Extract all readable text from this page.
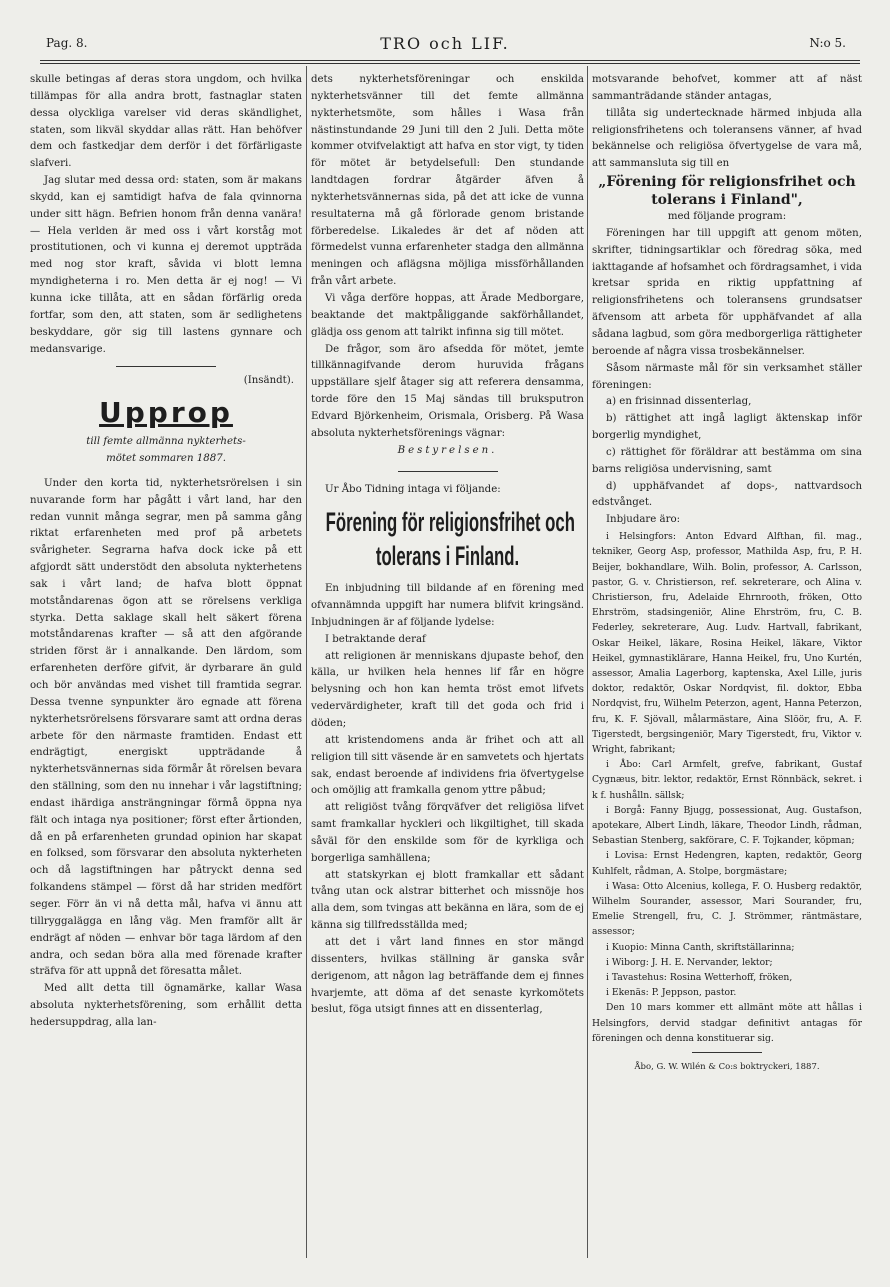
Pag. 8.	TRO och LIF.	N:o 5.

skulle betingas af deras stora ungdom, och hvilka tillämpas för alla andra brott, fastnaglar staten dessa olyckliga varelser vid deras skändlighet, staten, som likväl skyddar allas rätt. Han behöfver dem och fastkedjar dem derför i det förfärligaste slafveri.

Jag slutar med dessa ord: staten, som är makans skydd, kan ej samtidigt hafva de fala qvinnorna under sitt hägn. Befrien honom från denna vanära! — Hela verlden är med oss i vårt korståg mot prostitutionen, och vi kunna ej deremot uppträda med nog stor kraft, såvida vi blott lemna myndigheterna i ro. Men detta är ej nog! — Vi kunna icke tillåta, att en sådan förfärlig oreda fortfar, som den, att staten, som är sedlighetens beskyddare, gör sig till lastens gynnare och medansvarige.

(Insändt).

Upprop

till femte allmänna nykterhets-

mötet sommaren 1887.

Under den korta tid, nykterhetsrörelsen i sin nuvarande form har pågått i vårt land, har den redan vunnit många segrar, men på samma gång riktat erfarenheten med prof på arbetets svårigheter. Segrarna hafva dock icke på ett afgjordt sätt understödt den absoluta nykterhetens sak i vårt land; de hafva blott öppnat motståndarenas ögon att se rörelsens verkliga styrka. Detta saklage skall helt säkert förena motståndarenas krafter — så att den afgörande striden först är i annalkande. Den lärdom, som erfarenheten derföre gifvit, är dyrbarare än guld och bör användas med vishet till framtida segrar. Dessa tvenne synpunkter äro egnade att förena nykterhetsrörelsens försvarare samt att ordna deras arbete för den närmaste framtiden. Endast ett endrägtigt, energiskt uppträdande å nykterhetsvännernas sida förmår åt rörelsen bevara den ställning, som den nu innehar i vår lagstiftning; endast ihärdiga ansträngningar förmå öppna nya fält och intaga nya positioner; först efter årtionden, då en på erfarenheten grundad opinion har skapat en folksed, som försvarar den absoluta nykterheten och då lagstiftningen har påtryckt denna sed folkandens stämpel — först då har striden medfört seger. Förr än vi nå detta mål, hafva vi ännu att tillryggalägga en lång väg. Men framför allt är endrägt af nöden — enhvar bör taga lärdom af den andra, och sedan böra alla med förenade krafter sträfva för att uppnå det föresatta målet.

Med allt detta till ögnamärke, kallar Wasa absoluta nykterhetsförening, som erhållit detta hedersuppdrag, alla lan-

dets nykterhetsföreningar och enskilda nykterhetsvänner till det femte allmänna nykterhetsmöte, som hålles i Wasa från nästinstundande 29 Juni till den 2 Juli. Detta möte kommer otvifvelaktigt att hafva en stor vigt, ty tiden för mötet är betydelsefull: Den stundande landtdagen fordrar åtgärder äfven å nykterhetsvännernas sida, på det att icke de vunna resultaterna må gå förlorade genom bristande förberedelse. Likaledes är det af nöden att förmedelst vunna erfarenheter stadga den allmänna meningen och aflägsna möjliga missförhållanden från vårt arbete.

Vi våga derföre hoppas, att Ärade Medborgare, beaktande det maktpåliggande sakförhållandet, glädja oss genom att talrikt infinna sig till mötet.

De frågor, som äro afsedda för mötet, jemte tillkännagifvande derom huruvida frågans uppställare sjelf åtager sig att referera densamma, torde före den 15 Maj sändas till bruksputron Edvard Björkenheim, Orismala, Orisberg. På Wasa absoluta nykterhetsförenings vägnar:

Bestyrelsen.

Ur Åbo Tidning intaga vi följande:

Förening för religionsfrihet och
tolerans i Finland.

En inbjudning till bildande af en förening med ofvannämnda uppgift har numera blifvit kringsänd. Inbjudningen är af följande lydelse:

I betraktande deraf

att religionen är menniskans djupaste behof, den källa, ur hvilken hela hennes lif får en högre belysning och hon kan hemta tröst emot lifvets vedervärdigheter, kraft till det goda och frid i döden;

att kristendomens anda är frihet och att all religion till sitt väsende är en samvetets och hjertats sak, endast beroende af individens fria öfvertygelse och omöjlig att framkalla genom yttre påbud;

att religiöst tvång förqväfver det religiösa lifvet samt framkallar hyckleri och likgiltighet, till skada såväl för den enskilde som för de kyrkliga och borgerliga samhällena;

att statskyrkan ej blott framkallar ett sådant tvång utan ock alstrar bitterhet och missnöje hos alla dem, som tvingas att bekänna en lära, som de ej känna sig tillfredsställda med;

att det i vårt land finnes en stor mängd dissenters, hvilkas ställning är ganska svår derigenom, att någon lag beträffande dem ej finnes hvarjemte, att döma af det senaste kyrkomötets beslut, föga utsigt finnes att en dissenterlag,

motsvarande behofvet, kommer att af näst sammanträdande ständer antagas,

tillåta sig undertecknade härmed inbjuda alla religionsfrihetens och toleransens vänner, af hvad bekännelse och religiösa öfvertygelse de vara må, att sammansluta sig till en

„Förening för religionsfrihet och
tolerans i Finland",

med följande program:

Föreningen har till uppgift att genom möten, skrifter, tidningsartiklar och föredrag söka, med iakttagande af hofsamhet och fördragsamhet, i vida kretsar sprida en riktig uppfattning af religionsfrihetens och toleransens grundsatser äfvensom att arbeta för upphäfvandet af alla sådana lagbud, som göra medborgerliga rättigheter beroende af några vissa trosbekännelser.

Såsom närmaste mål för sin verksamhet ställer föreningen:

a) en frisinnad dissenterlag,

b) rättighet att ingå lagligt äktenskap inför borgerlig myndighet,

c) rättighet för föräldrar att bestämma om sina barns religiösa undervisning, samt

d) upphäfvandet af dops-, nattvardsoch edstvånget.

Inbjudare äro:

i Helsingfors: Anton Edvard Alfthan, fil. mag., tekniker, Georg Asp, professor, Mathilda Asp, fru, P. H. Beijer, bokhandlare, Wilh. Bolin, professor, A. Carlsson, pastor, G. v. Christierson, ref. sekreterare, och Alina v. Christierson, fru, Adelaide Ehrnrooth, fröken, Otto Ehrström, stadsingeniör, Aline Ehrström, fru, C. B. Federley, sekreterare, Aug. Ludv. Hartvall, fabrikant, Oskar Heikel, läkare, Rosina Heikel, läkare, Viktor Heikel, gymnastiklärare, Hanna Heikel, fru, Uno Kurtén, assessor, Amalia Lagerborg, kaptenska, Axel Lille, juris doktor, redaktör, Oskar Nordqvist, fil. doktor, Ebba Nordqvist, fru, Wilhelm Peterzon, agent, Hanna Peterzon, fru, K. F. Sjövall, målarmästare, Aina Slöör, fru, A. F. Tigerstedt, bergsingeniör, Mary Tigerstedt, fru, Viktor v. Wright, fabrikant;

i Åbo: Carl Armfelt, grefve, fabrikant, Gustaf Cygnæus, bitr. lektor, redaktör, Ernst Rönnbäck, sekret. i k f. hushålln. sällsk;

i Borgå: Fanny Bjugg, possessionat, Aug. Gustafson, apotekare, Albert Lindh, läkare, Theodor Lindh, rådman, Sebastian Stenberg, sakförare, C. F. Tojkander, köpman;

i Lovisa: Ernst Hedengren, kapten, redaktör, Georg Kuhlfelt, rådman, A. Stolpe, borgmästare;

i Wasa: Otto Alcenius, kollega, F. O. Husberg redaktör, Wilhelm Sourander, assessor, Mari Sourander, fru, Emelie Strengell, fru, C. J. Strömmer, räntmästare, assessor;

i Kuopio: Minna Canth, skriftställarinna;

i Wiborg: J. H. E. Nervander, lektor;

i Tavastehus: Rosina Wetterhoff, fröken,

i Ekenäs: P. Jeppson, pastor.

Den 10 mars kommer ett allmänt möte att hållas i Helsingfors, dervid stadgar definitivt antagas för föreningen och denna konstituerar sig.

Åbo, G. W. Wilén & Co:s boktryckeri, 1887.
